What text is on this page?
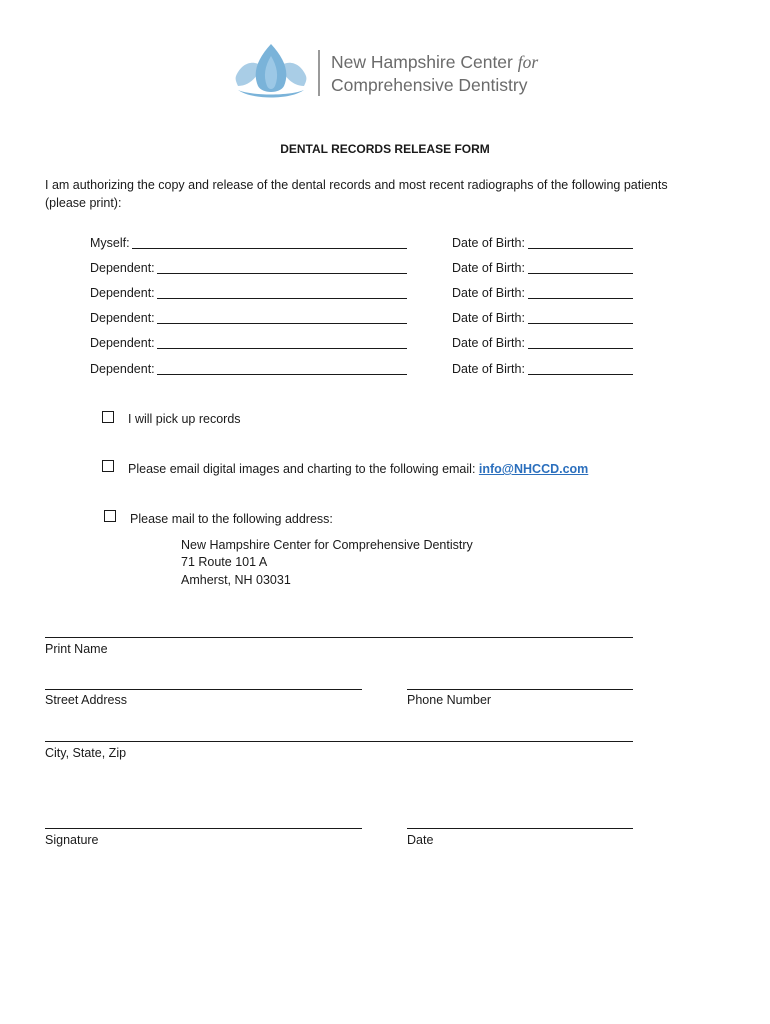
New Hampshire Center for
Comprehensive Dentistry
DENTAL RECORDS RELEASE FORM
I am authorizing the copy and release of the dental records and most recent radiographs of the following patients (please print):
Myself:	Date of Birth:
Dependent:	Date of Birth:
Dependent:	Date of Birth:
Dependent:	Date of Birth:
Dependent:	Date of Birth:
Dependent:	Date of Birth:
I will pick up records
Please email digital images and charting to the following email: info@NHCCD.com
Please mail to the following address:
New Hampshire Center for Comprehensive Dentistry
71 Route 101 A
Amherst, NH 03031
Print Name
Street Address	Phone Number
City, State, Zip
Signature	Date
